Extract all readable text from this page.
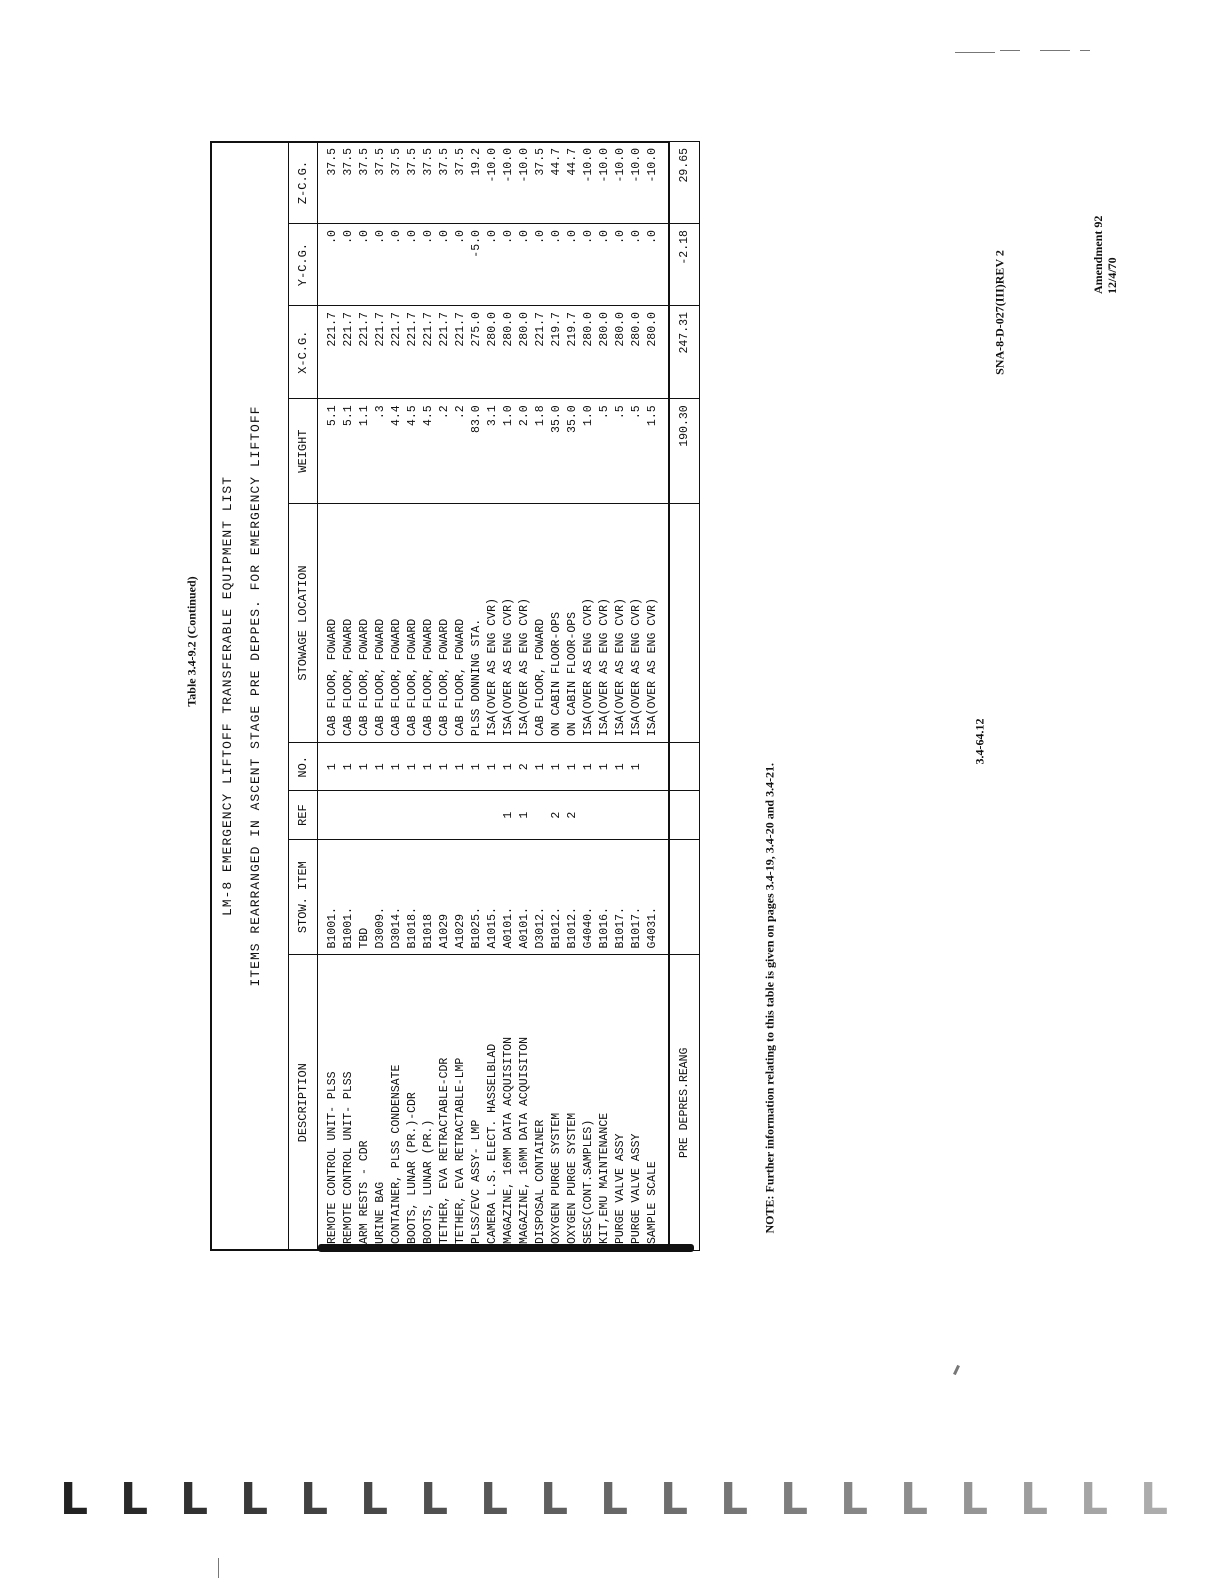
Amendment 92 12/4/70
Table 3.4-9.2 (Continued) LM-8 EMERGENCY LIFTOFF TRANSFERABLE EQUIPMENT LIST ITEMS REARRANGED IN ASCENT STAGE PRE DEPPES. FOR EMERGENCY LIFTOFF
DESCRIPTION	STOW. ITEM	REF	NO.	STOWAGE LOCATION	WEIGHT	X-C.G.	Y-C.G.	Z-C.G.
REMOTE CONTROL UNIT- PLSS	B1001.		1	CAB FLOOR, FOWARD	5.1	221.7	.0	37.5
REMOTE CONTROL UNIT- PLSS	B1001.		1	CAB FLOOR, FOWARD	5.1	221.7	.0	37.5
ARM RESTS - CDR	TBD		1	CAB FLOOR, FOWARD	1.1	221.7	.0	37.5
URINE BAG	D3009.		1	CAB FLOOR, FOWARD	.3	221.7	.0	37.5
CONTAINER, PLSS CONDENSATE	D3014.		1	CAB FLOOR, FOWARD	4.4	221.7	.0	37.5
BOOTS, LUNAR (PR.)-CDR	B1018.		1	CAB FLOOR, FOWARD	4.5	221.7	.0	37.5
BOOTS, LUNAR (PR.)	B1018		1	CAB FLOOR, FOWARD	4.5	221.7	.0	37.5
TETHER, EVA RETRACTABLE-CDR	A1029		1	CAB FLOOR, FOWARD	.2	221.7	.0	37.5
TETHER, EVA RETRACTABLE-LMP	A1029		1	CAB FLOOR, FOWARD	.2	221.7	.0	37.5
PLSS/EVC ASSY- LMP	B1025.		1	PLSS DONNING STA.	83.0	275.0	-5.0	19.2
CAMERA L.S. ELECT. HASSELBLAD	A1015.		1	ISA(OVER AS ENG CVR)	3.1	280.0	.0	-10.0
MAGAZINE, 16MM DATA ACQUISITON	A0101.	1	1	ISA(OVER AS ENG CVR)	1.0	280.0	.0	-10.0
MAGAZINE, 16MM DATA ACQUISITON	A0101.	1	2	ISA(OVER AS ENG CVR)	2.0	280.0	.0	-10.0
DISPOSAL CONTAINER	D3012.		1	CAB FLOOR, FOWARD	1.8	221.7	.0	37.5
OXYGEN PURGE SYSTEM	B1012.	2	1	ON CABIN FLOOR-OPS	35.0	219.7	.0	44.7
OXYGEN PURGE SYSTEM	B1012.	2	1	ON CABIN FLOOR-OPS	35.0	219.7	.0	44.7
SESC(CONT.SAMPLES)	G4040.		1	ISA(OVER AS ENG CVR)	1.0	280.0	.0	-10.0
KIT,EMU MAINTENANCE	B1016.		1	ISA(OVER AS ENG CVR)	.5	280.0	.0	-10.0
PURGE VALVE ASSY	B1017.		1	ISA(OVER AS ENG CVR)	.5	280.0	.0	-10.0
PURGE VALVE ASSY	B1017.		1	ISA(OVER AS ENG CVR)	.5	280.0	.0	-10.0
SAMPLE SCALE	G4031.			ISA(OVER AS ENG CVR)	1.5	280.0	.0	-10.0

PRE DEPRES.REANG					190.30	247.31	-2.18	29.65
NOTE: Further information relating to this table is given on pages 3.4-19, 3.4-20 and 3.4-21.
3.4-64.12
SNA-8-D-027(III)REV 2
L L L L L L L L L L L L L L L L L L L
